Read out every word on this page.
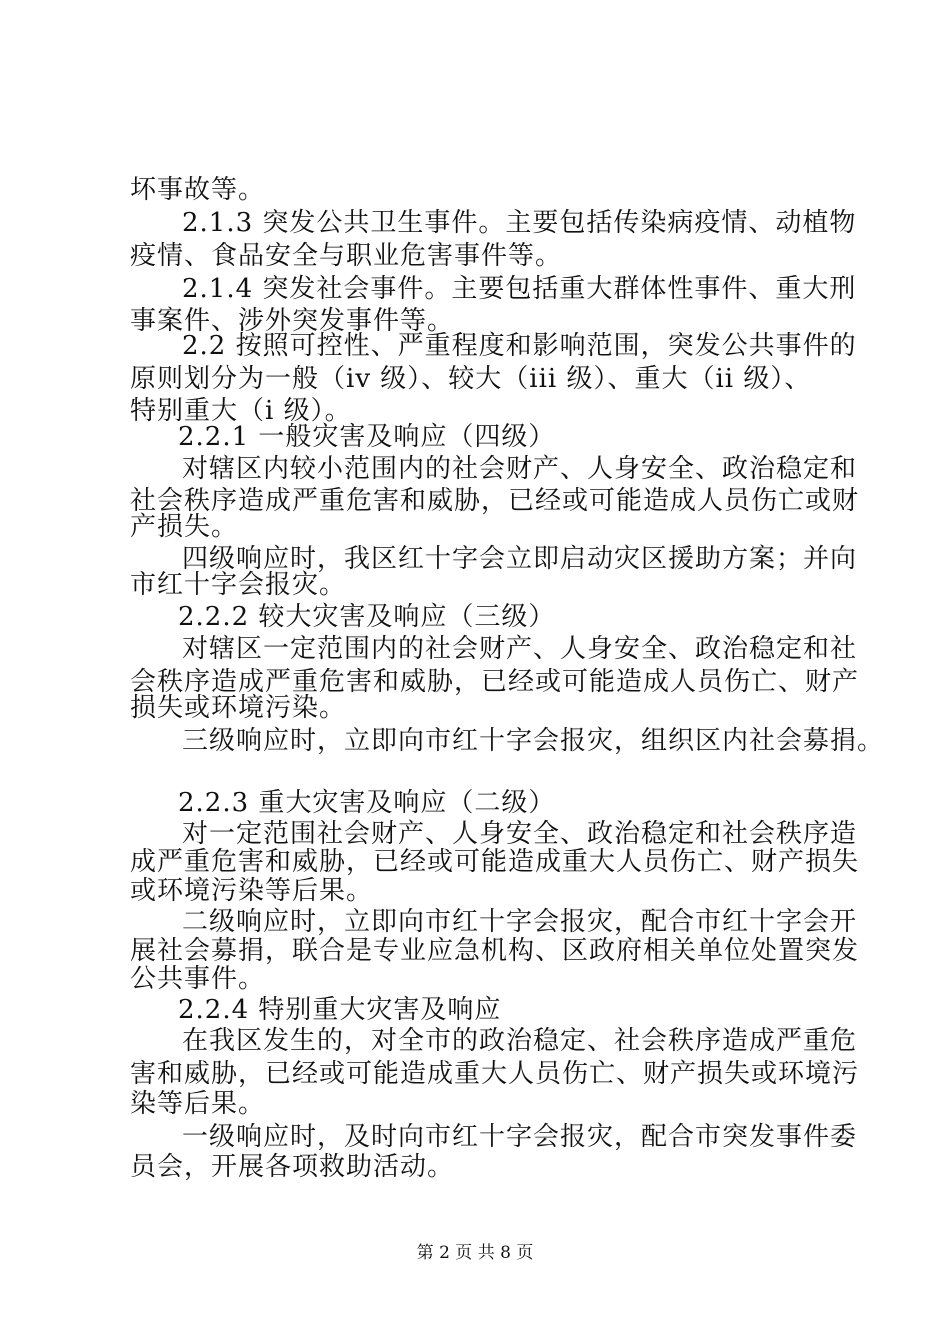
坏事故等。
2.1.3 突发公共卫生事件。主要包括传染病疫情、动植物
疫情、食品安全与职业危害事件等。
2.1.4 突发社会事件。主要包括重大群体性事件、重大刑
事案件、涉外突发事件等。
2.2 按照可控性、严重程度和影响范围，突发公共事件的
原则划分为一般（iv 级）、较大（iii 级）、重大（ii 级）、
特别重大（i 级）。
2.2.1 一般灾害及响应（四级）
对辖区内较小范围内的社会财产、人身安全、政治稳定和
社会秩序造成严重危害和威胁，已经或可能造成人员伤亡或财
产损失。
四级响应时，我区红十字会立即启动灾区援助方案；并向
市红十字会报灾。
2.2.2 较大灾害及响应（三级）
对辖区一定范围内的社会财产、人身安全、政治稳定和社
会秩序造成严重危害和威胁，已经或可能造成人员伤亡、财产
损失或环境污染。
三级响应时，立即向市红十字会报灾，组织区内社会募捐。
2.2.3 重大灾害及响应（二级）
对一定范围社会财产、人身安全、政治稳定和社会秩序造
成严重危害和威胁，已经或可能造成重大人员伤亡、财产损失
或环境污染等后果。
二级响应时，立即向市红十字会报灾，配合市红十字会开
展社会募捐，联合是专业应急机构、区政府相关单位处置突发
公共事件。
2.2.4 特别重大灾害及响应
在我区发生的，对全市的政治稳定、社会秩序造成严重危
害和威胁，已经或可能造成重大人员伤亡、财产损失或环境污
染等后果。
一级响应时，及时向市红十字会报灾，配合市突发事件委
员会，开展各项救助活动。
第 2 页 共 8 页
